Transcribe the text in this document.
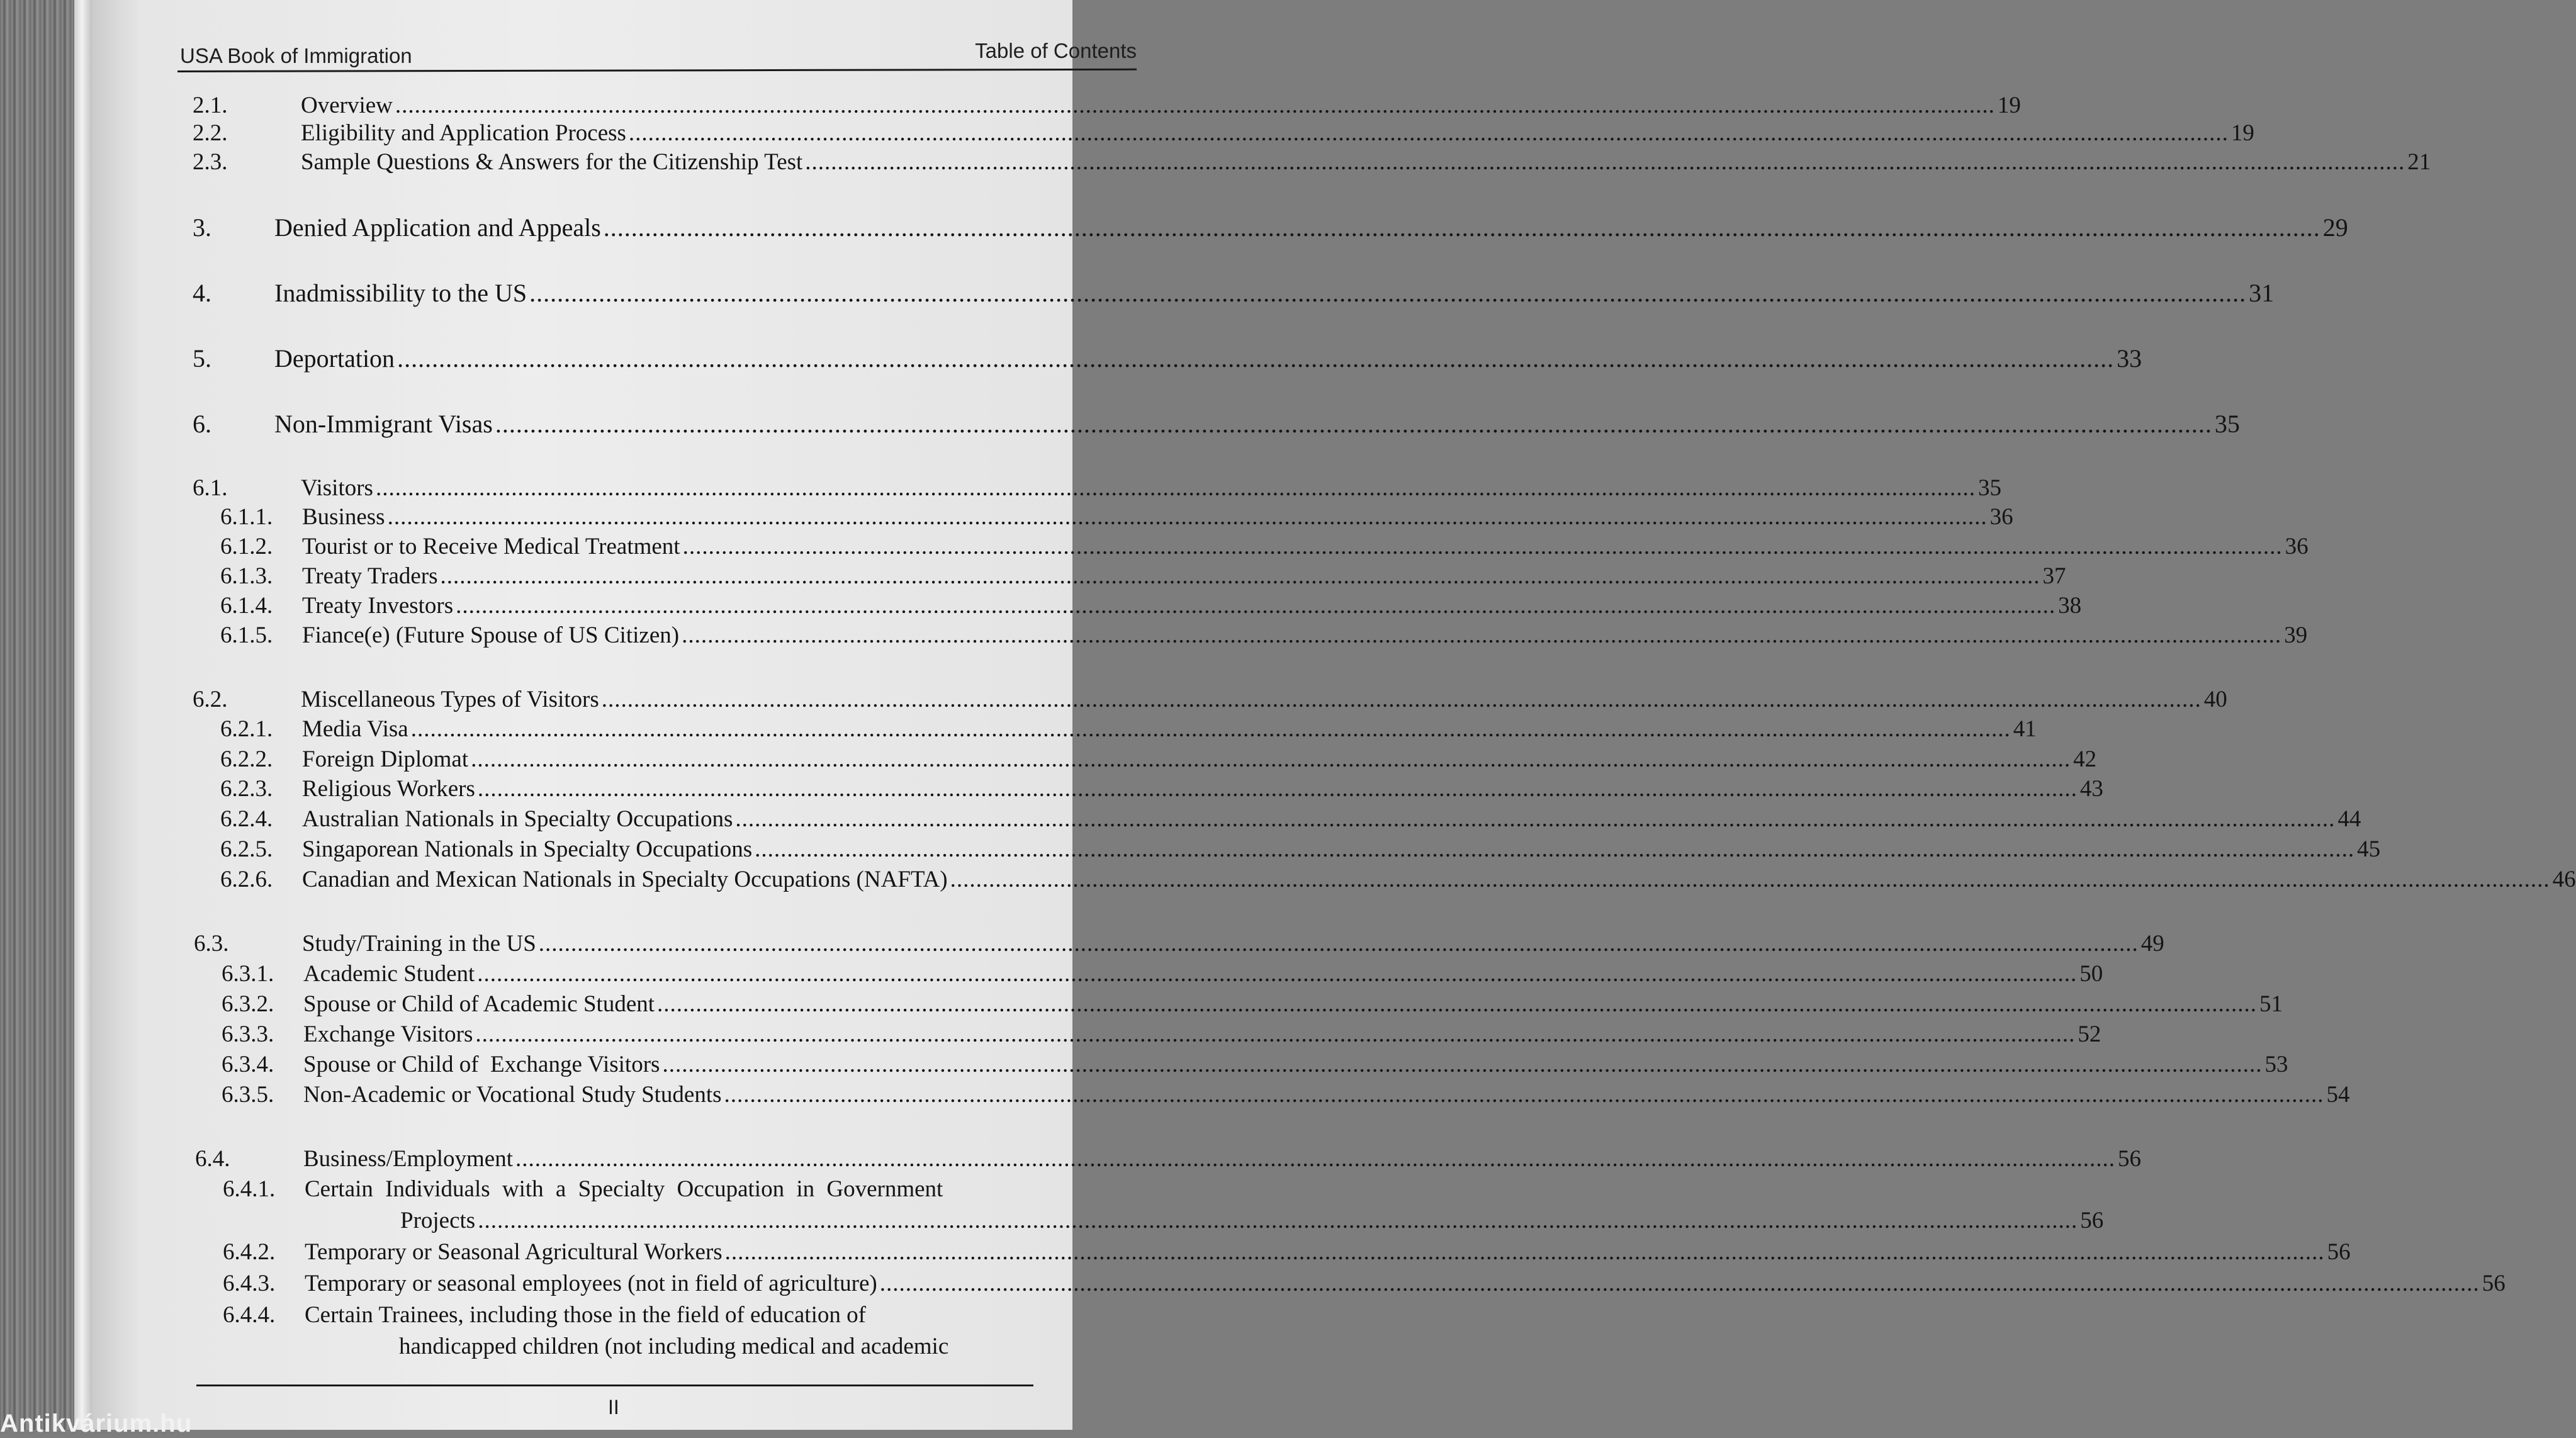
USA Book of Immigration	Table of Contents
2.1.	Overview .....	19
2.2.	Eligibility and Application Process .....	19
2.3.	Sample Questions & Answers for the Citizenship Test .....	21
3.	Denied Application and Appeals .....	29
4.	Inadmissibility to the US .....	31
5.	Deportation .....	33
6.	Non-Immigrant Visas .....	35
6.1.	Visitors .....	35
6.1.1.	Business .....	36
6.1.2.	Tourist or to Receive Medical Treatment .....	36
6.1.3.	Treaty Traders .....	37
6.1.4.	Treaty Investors .....	38
6.1.5.	Fiance(e) (Future Spouse of US Citizen) .....	39
6.2.	Miscellaneous Types of Visitors .....	40
6.2.1.	Media Visa .....	41
6.2.2.	Foreign Diplomat .....	42
6.2.3.	Religious Workers .....	43
6.2.4.	Australian Nationals in Specialty Occupations .....	44
6.2.5.	Singaporean Nationals in Specialty Occupations .....	45
6.2.6.	Canadian and Mexican Nationals in Specialty Occupations (NAFTA) .....	46
6.3.	Study/Training in the US .....	49
6.3.1.	Academic Student .....	50
6.3.2.	Spouse or Child of Academic Student .....	51
6.3.3.	Exchange Visitors .....	52
6.3.4.	Spouse or Child of  Exchange Visitors .....	53
6.3.5.	Non-Academic or Vocational Study Students .....	54
6.4.	Business/Employment .....	56
6.4.1.	Certain Individuals with a Specialty Occupation in Government
Projects .....	56
6.4.2.	Temporary or Seasonal Agricultural Workers .....	56
6.4.3.	Temporary or seasonal employees (not in field of agriculture) .....	56
6.4.4.	Certain Trainees, including those in the field of education of
handicapped children (not including medical and academic
II
Antikvárium.hu
